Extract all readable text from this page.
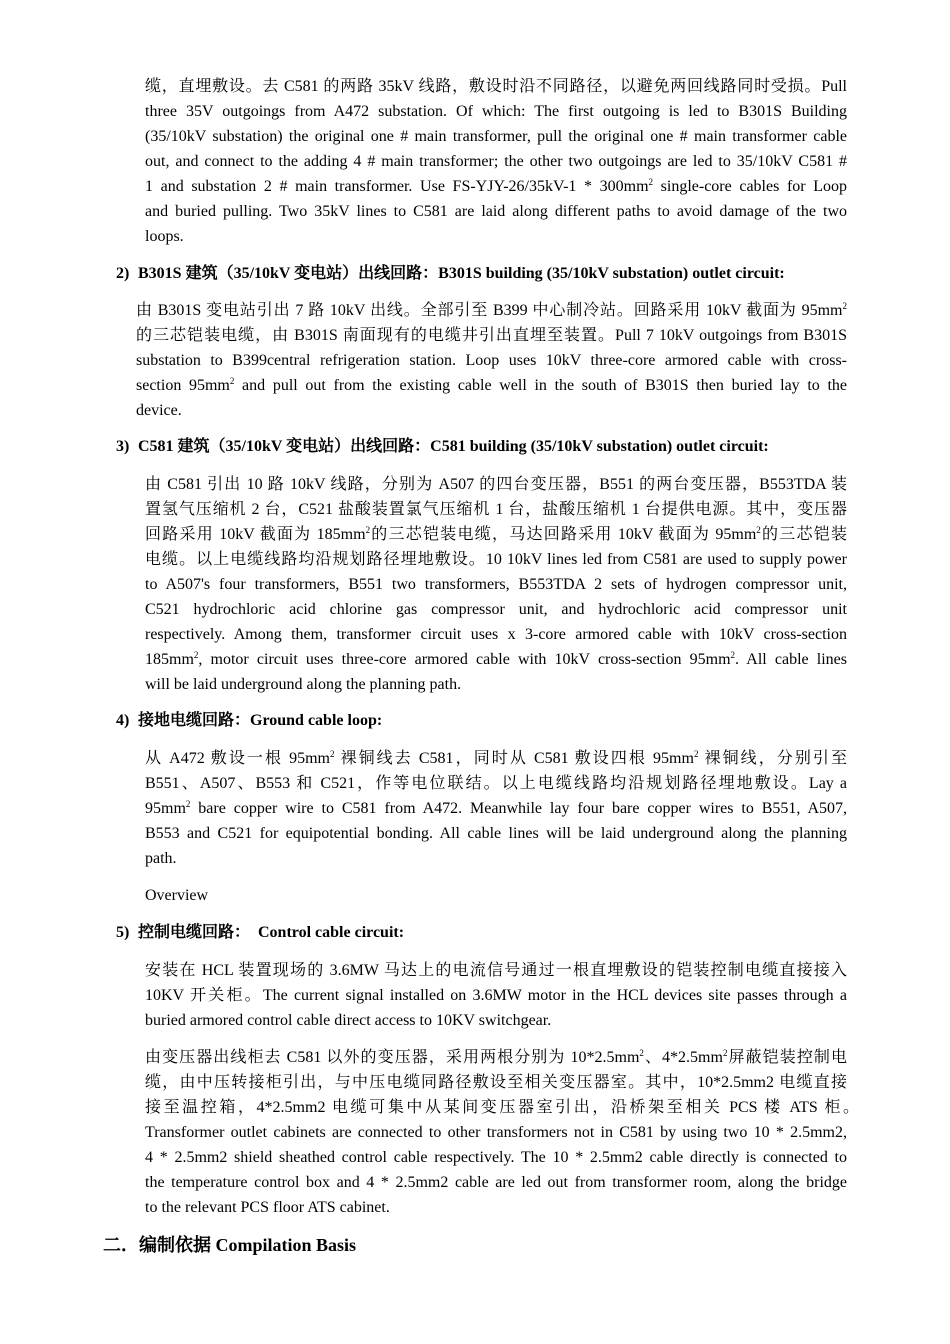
缆，直埋敷设。去 C581 的两路 35kV 线路，敷设时沿不同路径，以避免两回线路同时受损。Pull
three 35V outgoings from A472 substation. Of which: The first outgoing is led to B301S Building
(35/10kV substation) the original one # main transformer, pull the original one # main transformer cable
out, and connect to the adding 4 # main transformer; the other two outgoings are led to 35/10kV C581 #
1 and substation 2 # main transformer. Use $FS-YJY-26/35kV-1 * 300mm^2$ single-core cables for Loop
and buried pulling. Two 35kV lines to C581 are laid along different paths to avoid damage of the two
loops.
2) B301S 建筑（35/10kV 变电站）出线回路：B301S building (35/10kV substation) outlet circuit:
由 B301S 变电站引出 7 路 10kV 出线。全部引至 B399 中心制冷站。回路采用 10kV 截面为 $95mm^2$
的三芯铠装电缆，由 B301S 南面现有的电缆井引出直埋至装置。Pull 7 10kV outgoings from B301S
substation to B399central refrigeration station. Loop uses 10kV three-core armored cable with cross-
section $95mm^2$ and pull out from the existing cable well in the south of B301S then buried lay to the
device.
3) C581 建筑（35/10kV 变电站）出线回路：C581 building (35/10kV substation) outlet circuit:
由 C581 引出 10 路 10kV 线路，分别为 A507 的四台变压器，B551 的两台变压器，B553TDA 装
置氢气压缩机 2 台，C521 盐酸装置氯气压缩机 1 台，盐酸压缩机 1 台提供电源。其中，变压器
回路采用 10kV 截面为 $185mm^2$的三芯铠装电缆，马达回路采用 10kV 截面为 $95mm^2$的三芯铠装
电缆。以上电缆线路均沿规划路径埋地敷设。10 10kV lines led from C581 are used to supply power
to A507's four transformers, B551 two transformers, B553TDA 2 sets of hydrogen compressor unit,
C521 hydrochloric acid chlorine gas compressor unit, and hydrochloric acid compressor unit
respectively. Among them, transformer circuit uses x 3-core armored cable with 10kV cross-section
$185mm^2$, motor circuit uses three-core armored cable with 10kV cross-section $95mm^2$. All cable lines
will be laid underground along the planning path.
4) 接地电缆回路：Ground cable loop:
从 A472 敷设一根 $95mm^2$ 裸铜线去 C581，同时从 C581 敷设四根 $95mm^2$ 裸铜线，分别引至
B551、A507、B553 和 C521，作等电位联结。以上电缆线路均沿规划路径埋地敷设。Lay a
$95mm^2$ bare copper wire to C581 from A472. Meanwhile lay four bare copper wires to B551, A507,
B553 and C521 for equipotential bonding. All cable lines will be laid underground along the planning
path.
Overview
5) 控制电缆回路：  Control cable circuit:
安装在 HCL 装置现场的 3.6MW 马达上的电流信号通过一根直埋敷设的铠装控制电缆直接接入
10KV 开关柜。The current signal installed on 3.6MW motor in the HCL devices site passes through a
buried armored control cable direct access to 10KV switchgear.
由变压器出线柜去 C581 以外的变压器，采用两根分别为 $10*2.5mm^2$、$4*2.5mm^2$屏蔽铠装控制电
缆，由中压转接柜引出，与中压电缆同路径敷设至相关变压器室。其中，10*2.5mm2 电缆直接
接至温控箱，4*2.5mm2 电缆可集中从某间变压器室引出，沿桥架至相关 PCS 楼 ATS 柜。
Transformer outlet cabinets are connected to other transformers not in C581 by using two 10 * 2.5mm2,
4 * 2.5mm2 shield sheathed control cable respectively. The 10 * 2.5mm2 cable directly is connected to
the temperature control box and 4 * 2.5mm2 cable are led out from transformer room, along the bridge
to the relevant PCS floor ATS cabinet.
二．编制依据 Compilation Basis
